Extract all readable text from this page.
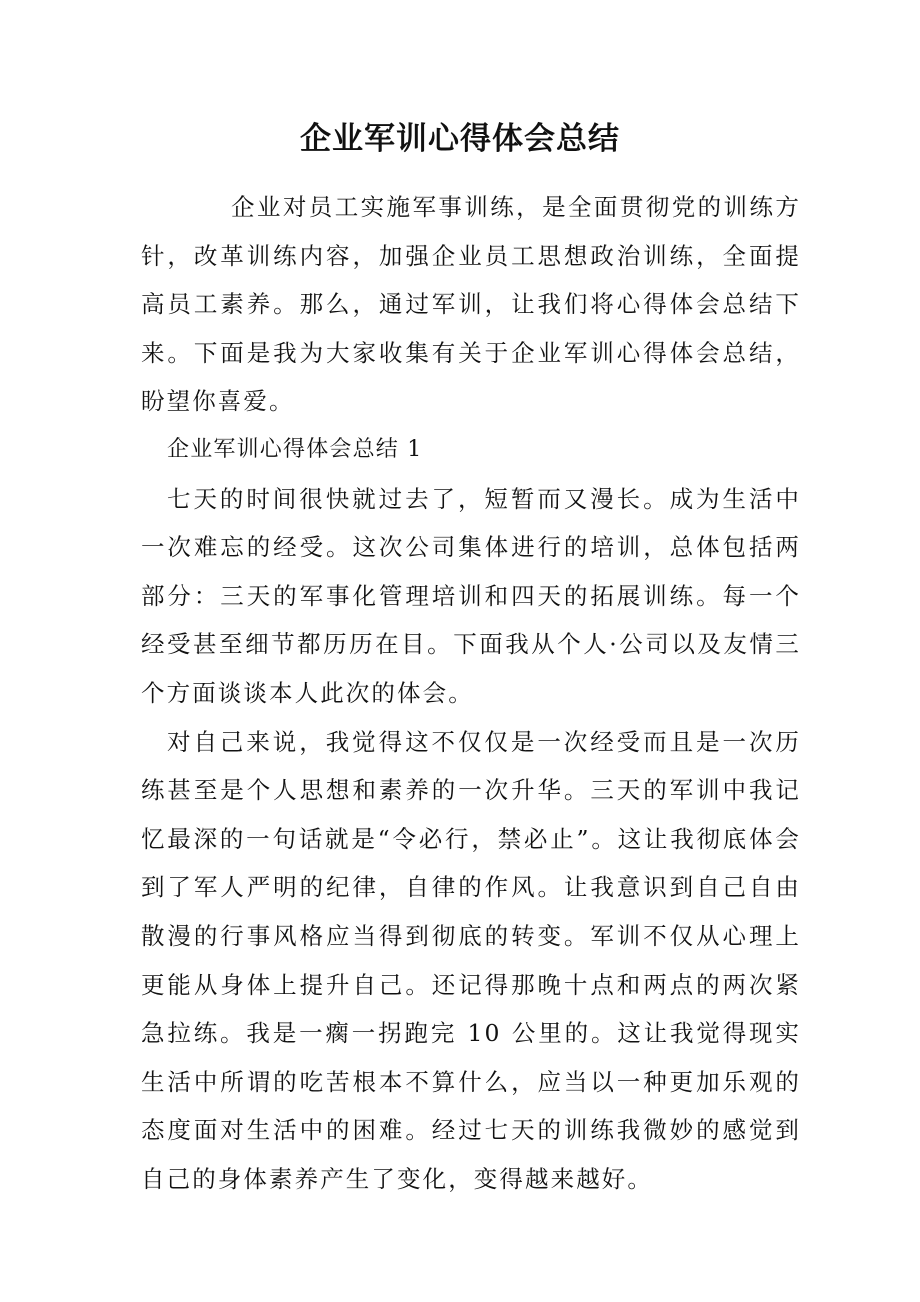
企业军训心得体会总结

企业对员工实施军事训练，是全面贯彻党的训练方针，改革训练内容，加强企业员工思想政治训练，全面提高员工素养。那么，通过军训，让我们将心得体会总结下来。下面是我为大家收集有关于企业军训心得体会总结，盼望你喜爱。

企业军训心得体会总结 1

七天的时间很快就过去了，短暂而又漫长。成为生活中一次难忘的经受。这次公司集体进行的培训，总体包括两部分：三天的军事化管理培训和四天的拓展训练。每一个经受甚至细节都历历在目。下面我从个人·公司以及友情三个方面谈谈本人此次的体会。

对自己来说，我觉得这不仅仅是一次经受而且是一次历练甚至是个人思想和素养的一次升华。三天的军训中我记忆最深的一句话就是“令必行，禁必止”。这让我彻底体会到了军人严明的纪律，自律的作风。让我意识到自己自由散漫的行事风格应当得到彻底的转变。军训不仅从心理上更能从身体上提升自己。还记得那晚十点和两点的两次紧急拉练。我是一瘸一拐跑完 10 公里的。这让我觉得现实生活中所谓的吃苦根本不算什么，应当以一种更加乐观的态度面对生活中的困难。经过七天的训练我微妙的感觉到自己的身体素养产生了变化，变得越来越好。
